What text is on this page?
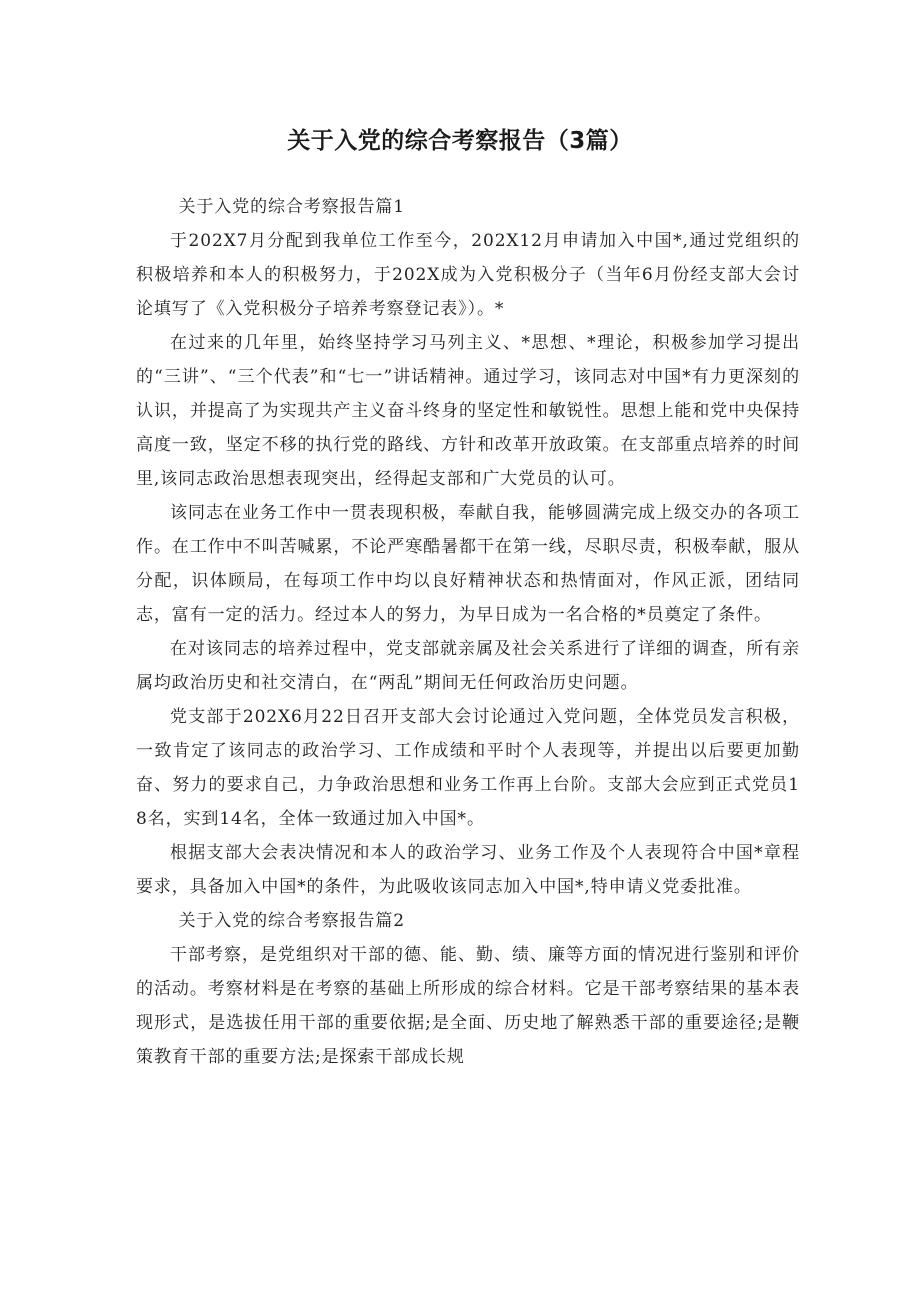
关于入党的综合考察报告（3篇）

关于入党的综合考察报告篇1

于202X7月分配到我单位工作至今，202X12月申请加入中国*,通过党组织的积极培养和本人的积极努力，于202X成为入党积极分子（当年6月份经支部大会讨论填写了《入党积极分子培养考察登记表》）。*

在过来的几年里，始终坚持学习马列主义、*思想、*理论，积极参加学习提出的“三讲”、“三个代表”和“七一”讲话精神。通过学习，该同志对中国*有力更深刻的认识，并提高了为实现共产主义奋斗终身的坚定性和敏锐性。思想上能和党中央保持高度一致，坚定不移的执行党的路线、方针和改革开放政策。在支部重点培养的时间里,该同志政治思想表现突出，经得起支部和广大党员的认可。

该同志在业务工作中一贯表现积极，奉献自我，能够圆满完成上级交办的各项工作。在工作中不叫苦喊累，不论严寒酷暑都干在第一线，尽职尽责，积极奉献，服从分配，识体顾局，在每项工作中均以良好精神状态和热情面对，作风正派，团结同志，富有一定的活力。经过本人的努力，为早日成为一名合格的*员奠定了条件。

在对该同志的培养过程中，党支部就亲属及社会关系进行了详细的调查，所有亲属均政治历史和社交清白，在“两乱”期间无任何政治历史问题。

党支部于202X6月22日召开支部大会讨论通过入党问题，全体党员发言积极，一致肯定了该同志的政治学习、工作成绩和平时个人表现等，并提出以后要更加勤奋、努力的要求自己，力争政治思想和业务工作再上台阶。支部大会应到正式党员18名，实到14名，全体一致通过加入中国*。

根据支部大会表决情况和本人的政治学习、业务工作及个人表现符合中国*章程要求，具备加入中国*的条件，为此吸收该同志加入中国*,特申请义党委批准。

关于入党的综合考察报告篇2

干部考察，是党组织对干部的德、能、勤、绩、廉等方面的情况进行鉴别和评价的活动。考察材料是在考察的基础上所形成的综合材料。它是干部考察结果的基本表现形式，是选拔任用干部的重要依据;是全面、历史地了解熟悉干部的重要途径;是鞭策教育干部的重要方法;是探索干部成长规
